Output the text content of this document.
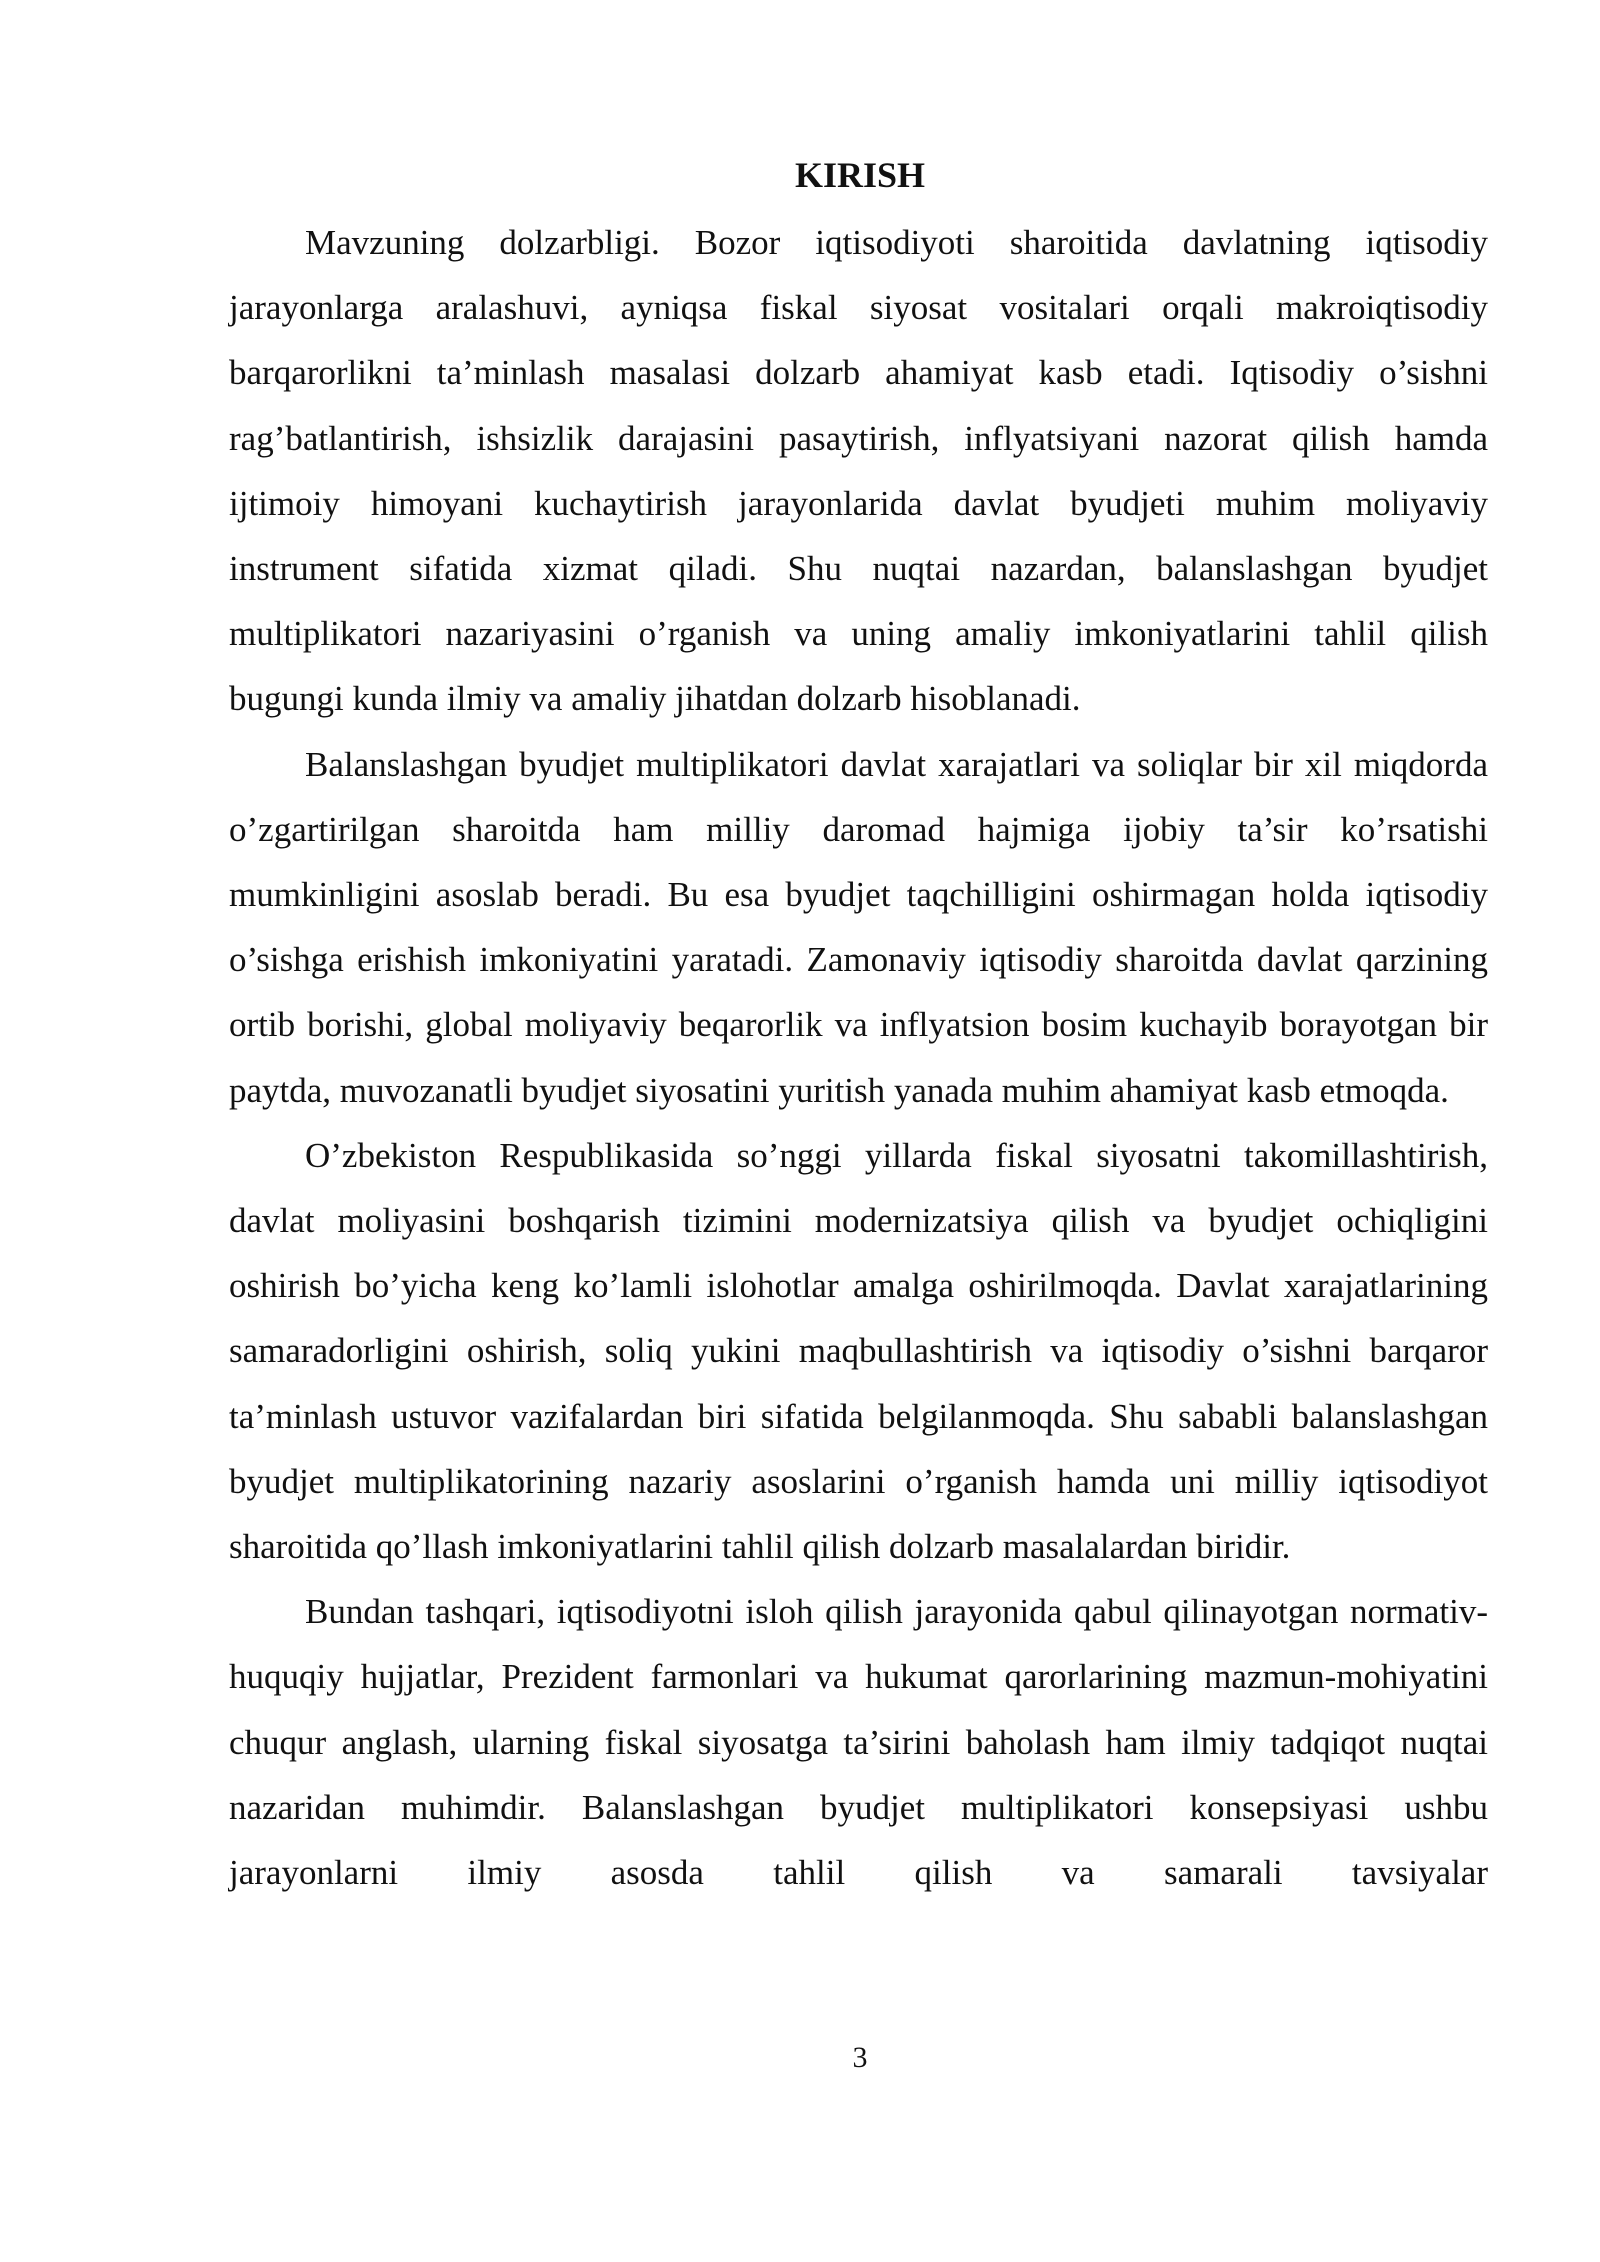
KIRISH

Mavzuning dolzarbligi. Bozor iqtisodiyoti sharoitida davlatning iqtisodiy jarayonlarga aralashuvi, ayniqsa fiskal siyosat vositalari orqali makroiqtisodiy barqarorlikni ta’minlash masalasi dolzarb ahamiyat kasb etadi. Iqtisodiy o’sishni rag’batlantirish, ishsizlik darajasini pasaytirish, inflyatsiyani nazorat qilish hamda ijtimoiy himoyani kuchaytirish jarayonlarida davlat byudjeti muhim moliyaviy instrument sifatida xizmat qiladi. Shu nuqtai nazardan, balanslashgan byudjet multiplikatori nazariyasini o’rganish va uning amaliy imkoniyatlarini tahlil qilish bugungi kunda ilmiy va amaliy jihatdan dolzarb hisoblanadi.

Balanslashgan byudjet multiplikatori davlat xarajatlari va soliqlar bir xil miqdorda o’zgartirilgan sharoitda ham milliy daromad hajmiga ijobiy ta’sir ko’rsatishi mumkinligini asoslab beradi. Bu esa byudjet taqchilligini oshirmagan holda iqtisodiy o’sishga erishish imkoniyatini yaratadi. Zamonaviy iqtisodiy sharoitda davlat qarzining ortib borishi, global moliyaviy beqarorlik va inflyatsion bosim kuchayib borayotgan bir paytda, muvozanatli byudjet siyosatini yuritish yanada muhim ahamiyat kasb etmoqda.

O’zbekiston Respublikasida so’nggi yillarda fiskal siyosatni takomillashtirish, davlat moliyasini boshqarish tizimini modernizatsiya qilish va byudjet ochiqligini oshirish bo’yicha keng ko’lamli islohotlar amalga oshirilmoqda. Davlat xarajatlarining samaradorligini oshirish, soliq yukini maqbullashtirish va iqtisodiy o’sishni barqaror ta’minlash ustuvor vazifalardan biri sifatida belgilanmoqda. Shu sababli balanslashgan byudjet multiplikatorining nazariy asoslarini o’rganish hamda uni milliy iqtisodiyot sharoitida qo’llash imkoniyatlarini tahlil qilish dolzarb masalalardan biridir.

Bundan tashqari, iqtisodiyotni isloh qilish jarayonida qabul qilinayotgan normativ-huquqiy hujjatlar, Prezident farmonlari va hukumat qarorlarining mazmun-mohiyatini chuqur anglash, ularning fiskal siyosatga ta’sirini baholash ham ilmiy tadqiqot nuqtai nazaridan muhimdir. Balanslashgan byudjet multiplikatori konsepsiyasi ushbu jarayonlarni ilmiy asosda tahlil qilish va samarali tavsiyalar

3
